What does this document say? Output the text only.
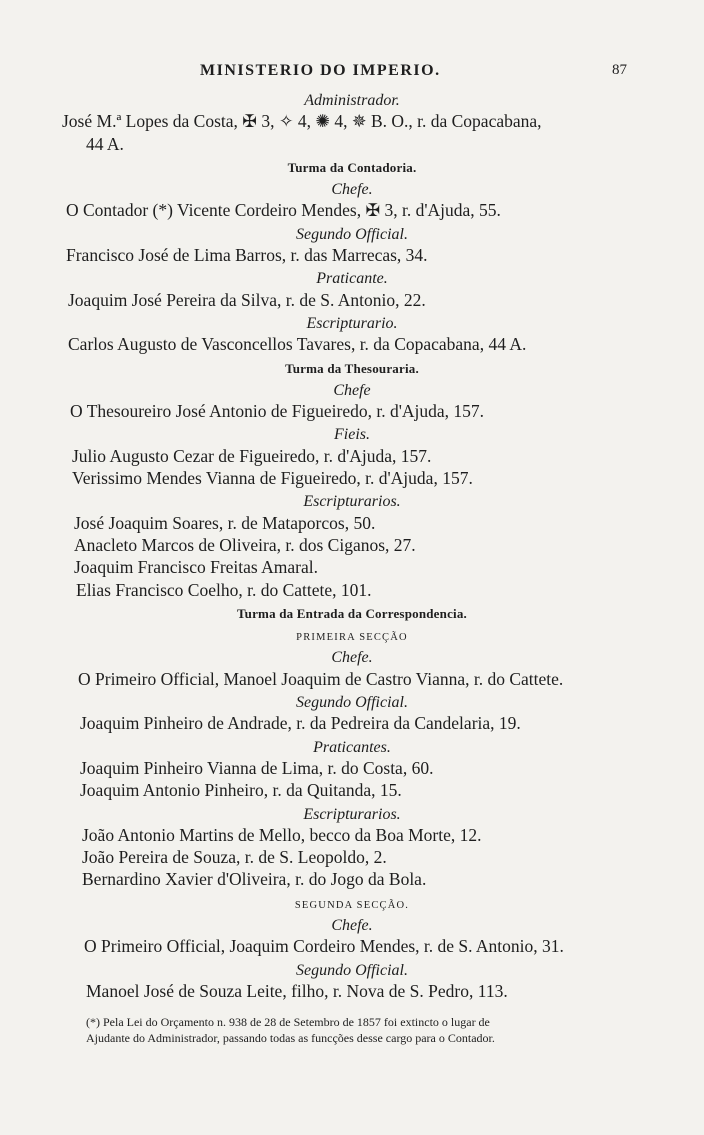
MINISTERIO DO IMPERIO.	87
Administrador.
José M.ª Lopes da Costa, ✠ 3, ✧ 4, ✺ 4, ✵ B. O., r. da Copacabana,
44 A.
Turma da Contadoria.
Chefe.
O Contador (*) Vicente Cordeiro Mendes, ✠ 3, r. d'Ajuda, 55.
Segundo Official.
Francisco José de Lima Barros, r. das Marrecas, 34.
Praticante.
Joaquim José Pereira da Silva, r. de S. Antonio, 22.
Escripturario.
Carlos Augusto de Vasconcellos Tavares, r. da Copacabana, 44 A.
Turma da Thesouraria.
Chefe
O Thesoureiro José Antonio de Figueiredo, r. d'Ajuda, 157.
Fieis.
Julio Augusto Cezar de Figueiredo, r. d'Ajuda, 157.
Verissimo Mendes Vianna de Figueiredo, r. d'Ajuda, 157.
Escripturarios.
José Joaquim Soares, r. de Mataporcos, 50.
Anacleto Marcos de Oliveira, r. dos Ciganos, 27.
Joaquim Francisco Freitas Amaral.
Elias Francisco Coelho, r. do Cattete, 101.
Turma da Entrada da Correspondencia.
PRIMEIRA SECÇÃO
Chefe.
O Primeiro Official, Manoel Joaquim de Castro Vianna, r. do Cattete.
Segundo Official.
Joaquim Pinheiro de Andrade, r. da Pedreira da Candelaria, 19.
Praticantes.
Joaquim Pinheiro Vianna de Lima, r. do Costa, 60.
Joaquim Antonio Pinheiro, r. da Quitanda, 15.
Escripturarios.
João Antonio Martins de Mello, becco da Boa Morte, 12.
João Pereira de Souza, r. de S. Leopoldo, 2.
Bernardino Xavier d'Oliveira, r. do Jogo da Bola.
SEGUNDA SECÇÃO.
Chefe.
O Primeiro Official, Joaquim Cordeiro Mendes, r. de S. Antonio, 31.
Segundo Official.
Manoel José de Souza Leite, filho, r. Nova de S. Pedro, 113.
(*) Pela Lei do Orçamento n. 938 de 28 de Setembro de 1857 foi extincto o lugar de
Ajudante do Administrador, passando todas as funcções desse cargo para o Contador.
